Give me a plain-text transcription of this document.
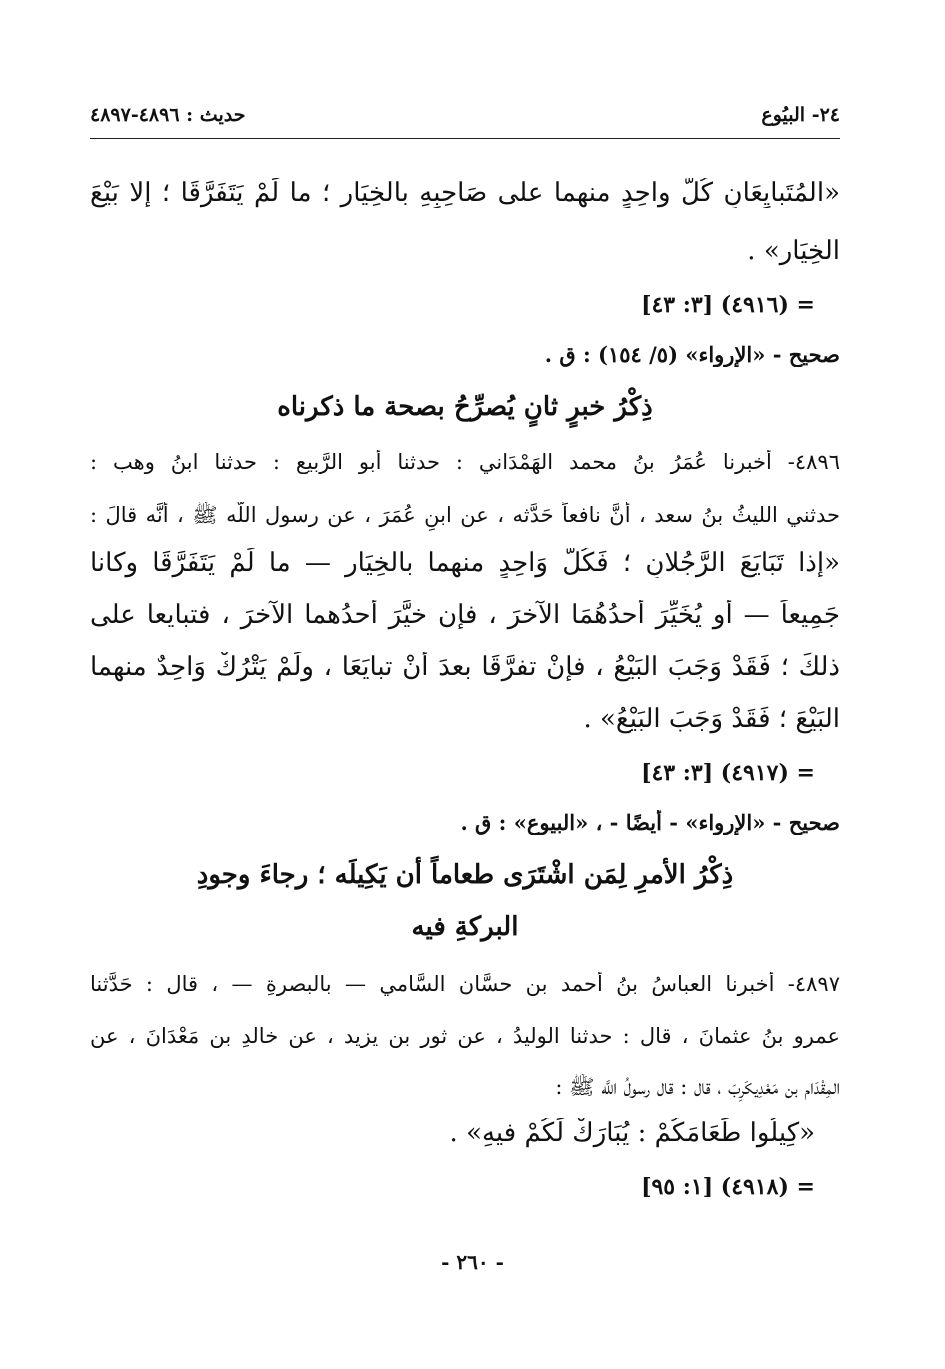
٢٤- البيُوع
حديث : ٤٨٩٦-٤٨٩٧
«المُتَبايِعَانِ كُلُّ واحِدٍ منهما على صَاحِبِهِ بالخِيَارِ ؛ ما لَمْ يَتَفَرَّقَا ؛ إلا بَيْعَ
الخِيَارِ» .
= (٤٩١٦) [٣: ٤٣]
صحيح - «الإرواء» (٥/ ١٥٤) : ق .
ذِكْرُ خبرٍ ثانٍ يُصرِّحُ بصحة ما ذكرناه
٤٨٩٦- أخبرنا عُمَرُ بنُ محمد الهَمْدَاني : حدثنا أبو الرَّبيع : حدثنا ابنُ وهب :
حدثني الليثُ بنُ سعد ، أنَّ نافعاً حَدَّثه ، عن ابنِ عُمَرَ ، عن رسول اللَّه ﷺ ، أنَّه قالَ :
«إذا تَبَايَعَ الرَّجُلانِ ؛ فَكُلُّ وَاحِدٍ منهما بالخِيَارِ — ما لَمْ يَتَفَرَّقَا وكانا
جَمِيعاً — أو يُخَيِّرَ أحدُهُمَا الآخرَ ، فإن خيَّرَ أحدُهما الآخرَ ، فتبايعا على
ذلكَ ؛ فَقَدْ وَجَبَ البَيْعُ ، فإنْ تفرَّقَا بعدَ أنْ تبايَعَا ، ولَمْ يَتْرُكْ وَاحِدٌ منهما
البَيْعَ ؛ فَقَدْ وَجَبَ البَيْعُ» .
= (٤٩١٧) [٣: ٤٣]
صحيح - «الإرواء» - أيضًا - ، «البيوع» : ق .
ذِكْرُ الأمرِ لِمَن اشْتَرَى طعاماً أن يَكِيلَه ؛ رجاءَ وجودِ
البركةِ فيه
٤٨٩٧- أخبرنا العباسُ بنُ أحمد بنِ حسَّان السَّامي — بالبصرةِ — ، قال : حَدَّثنا
عمرو بنُ عثمانَ ، قال : حدثنا الوليدُ ، عن ثور بنِ يزيد ، عن خالدِ بنِ مَعْدَانَ ، عن
المِقْدَام بن مَعْدِيكَرِبَ ، قال : قال رسولُ اللَّه ﷺ :
«كِيلُوا طَعَامَكُمْ : يُبَارَكْ لَكُمْ فيهِ» .
= (٤٩١٨) [١: ٩٥]
- ٢٦٠ -
